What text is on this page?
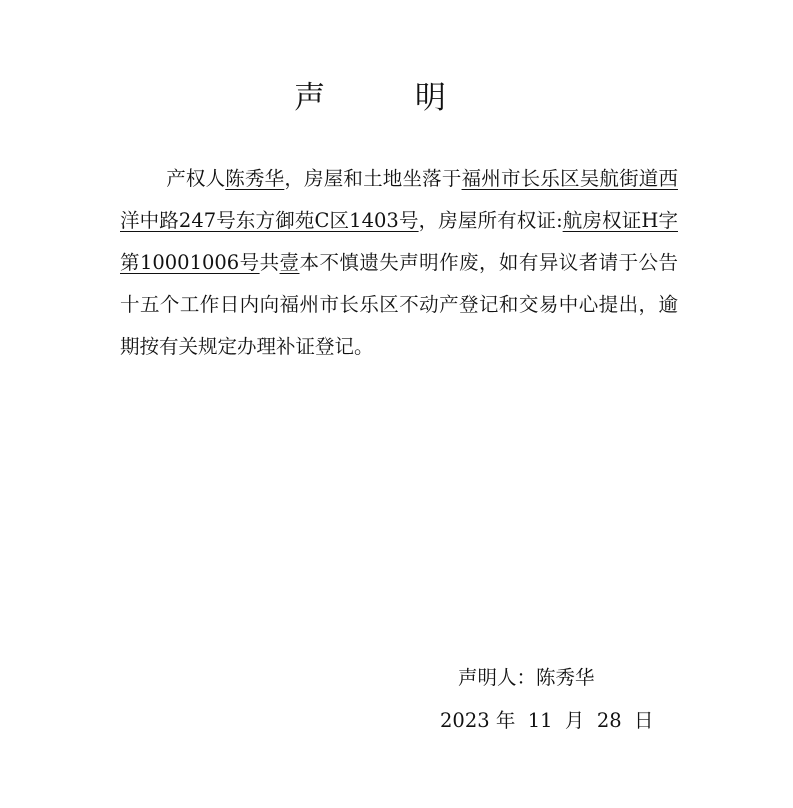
声 明

产权人陈秀华，房屋和土地坐落于福州市长乐区吴航街道西洋中路247号东方御苑C区1403号，房屋所有权证:航房权证H字第10001006号共壹本不慎遗失声明作废，如有异议者请于公告十五个工作日内向福州市长乐区不动产登记和交易中心提出，逾期按有关规定办理补证登记。

声明人：陈秀华
2023 年  11  月  28  日
